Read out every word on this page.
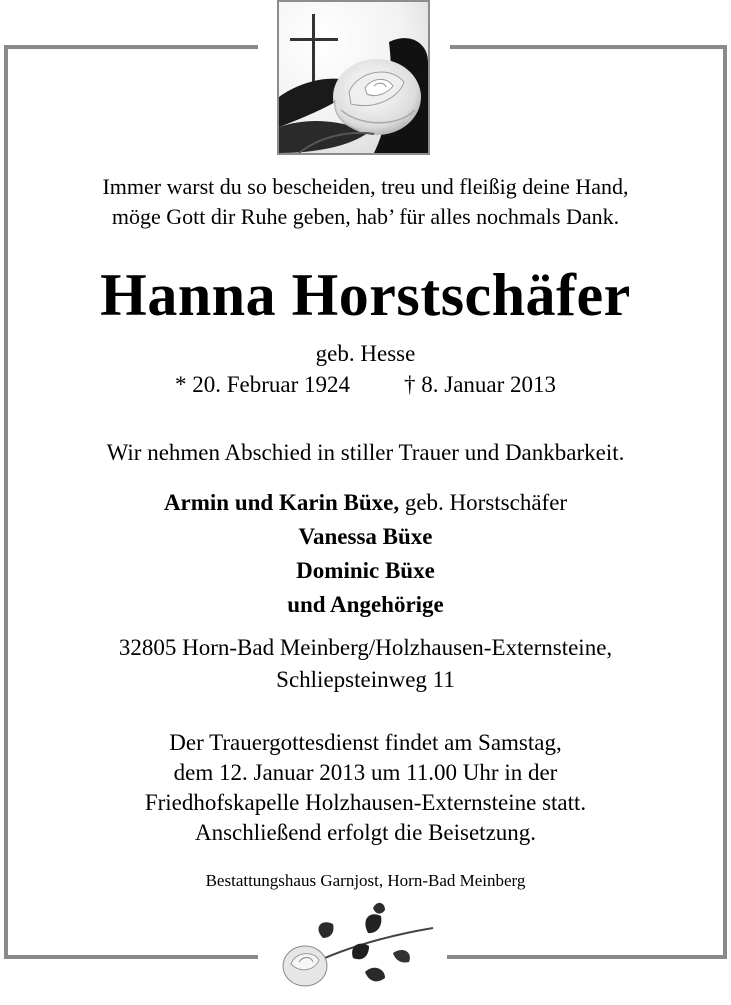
Immer warst du so bescheiden, treu und fleißig deine Hand,
möge Gott dir Ruhe geben, hab’ für alles nochmals Dank.
Hanna Horstschäfer
geb. Hesse
* 20. Februar 1924 † 8. Januar 2013
Wir nehmen Abschied in stiller Trauer und Dankbarkeit.
Armin und Karin Büxe, geb. Horstschäfer
Vanessa Büxe
Dominic Büxe
und Angehörige
32805 Horn-Bad Meinberg/Holzhausen-Externsteine,
Schliepsteinweg 11
Der Trauergottesdienst findet am Samstag,
dem 12. Januar 2013 um 11.00 Uhr in der
Friedhofskapelle Holzhausen-Externsteine statt.
Anschließend erfolgt die Beisetzung.
Bestattungshaus Garnjost, Horn-Bad Meinberg
